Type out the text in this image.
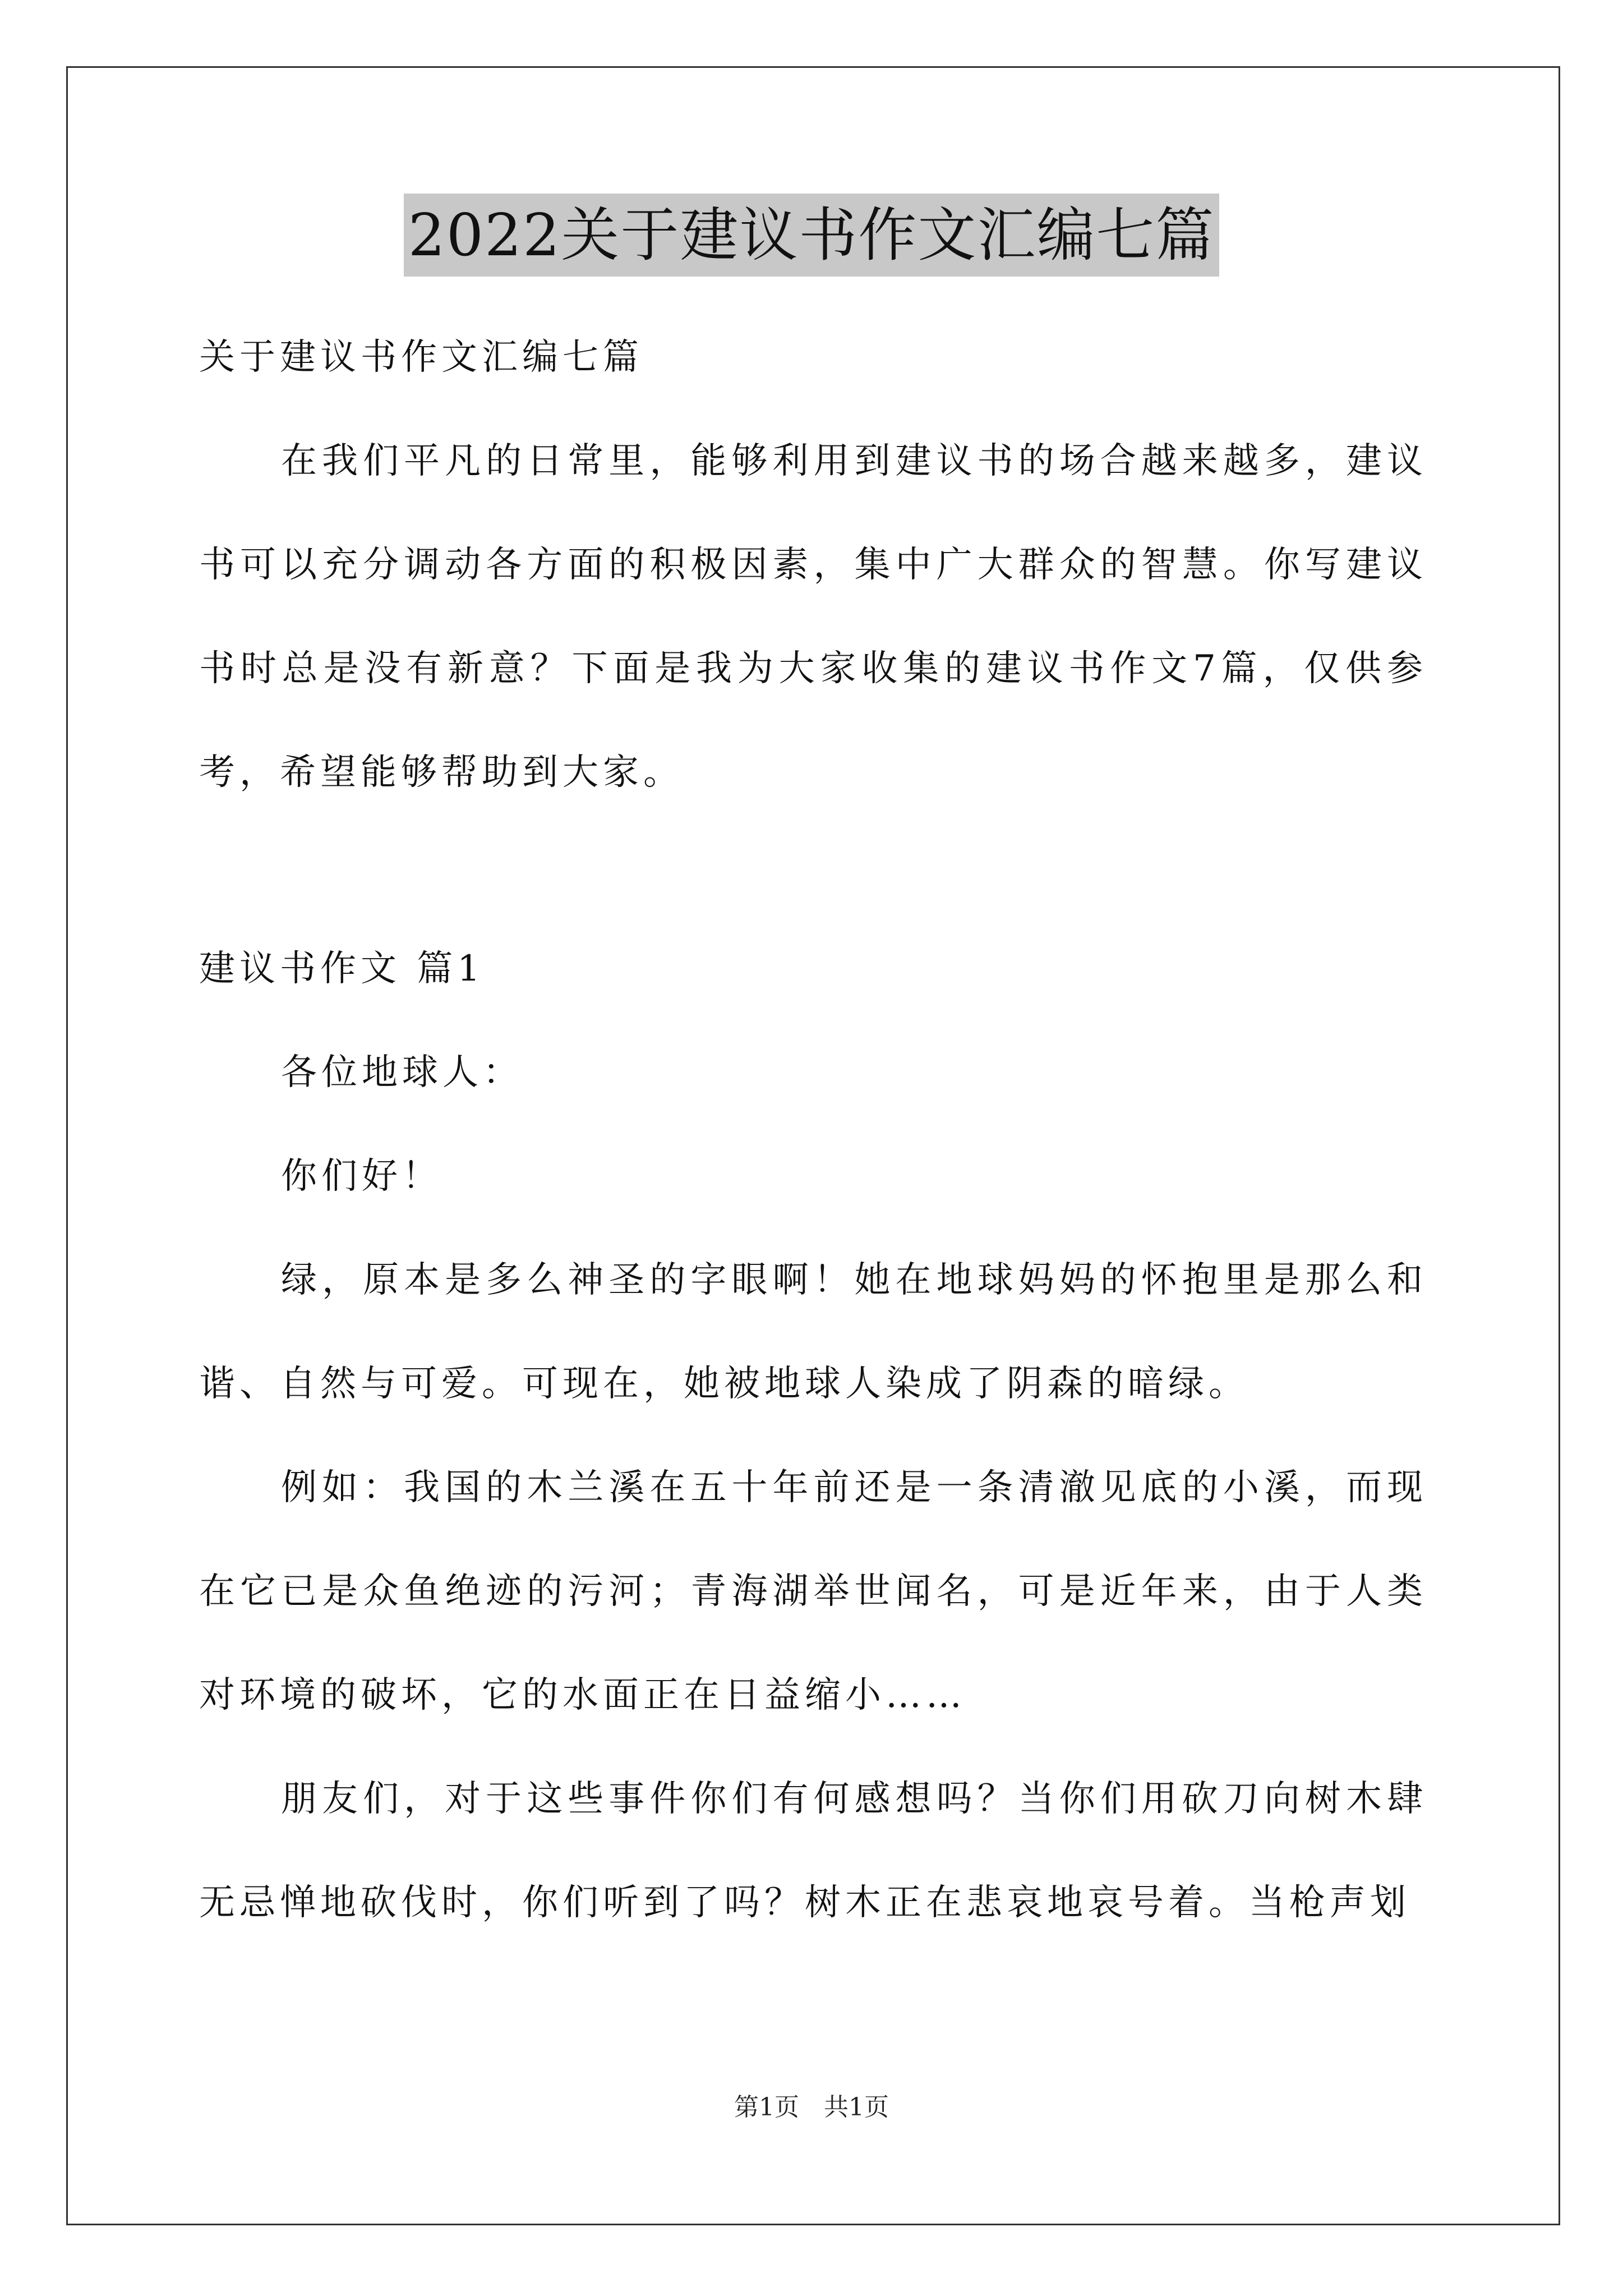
2022关于建议书作文汇编七篇

关于建议书作文汇编七篇

在我们平凡的日常里，能够利用到建议书的场合越来越多，建议书可以充分调动各方面的积极因素，集中广大群众的智慧。你写建议书时总是没有新意？下面是我为大家收集的建议书作文7篇，仅供参考，希望能够帮助到大家。

建议书作文 篇1

各位地球人：

你们好！

绿，原本是多么神圣的字眼啊！她在地球妈妈的怀抱里是那么和谐、自然与可爱。可现在，她被地球人染成了阴森的暗绿。

例如：我国的木兰溪在五十年前还是一条清澈见底的小溪，而现在它已是众鱼绝迹的污河；青海湖举世闻名，可是近年来，由于人类对环境的破坏，它的水面正在日益缩小……

朋友们，对于这些事件你们有何感想吗？当你们用砍刀向树木肆无忌惮地砍伐时，你们听到了吗？树木正在悲哀地哀号着。当枪声划

第1页 共1页
